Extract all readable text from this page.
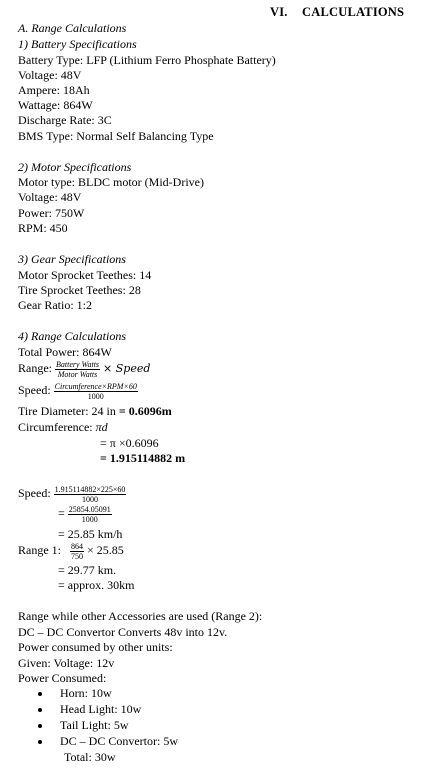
VI. CALCULATIONS
A. Range Calculations
1) Battery Specifications
Battery Type: LFP (Lithium Ferro Phosphate Battery)
Voltage: 48V
Ampere: 18Ah
Wattage: 864W
Discharge Rate: 3C
BMS Type: Normal Self Balancing Type
2) Motor Specifications
Motor type: BLDC motor (Mid-Drive)
Voltage: 48V
Power: 750W
RPM: 450
3) Gear Specifications
Motor Sprocket Teethes: 14
Tire Sprocket Teethes: 28
Gear Ratio: 1:2
4) Range Calculations
Total Power: 864W
Range: $\frac{\text{Battery Watts}}{\text{Motor Watts}}$ × Speed
Speed: $\frac{\text{Circumference×RPM×60}}{1000}$
Tire Diameter: 24 in = 0.6096m
Circumference: πd
= π ×0.6096
= 1.915114882 m
Speed: $\frac{1.915114882\times 225\times 60}{1000}$
= $\frac{25854.05091}{1000}$
= 25.85 km/h
Range 1: $\frac{864}{750} \times 25.85$
= 29.77 km.
= approx. 30km
Range while other Accessories are used (Range 2):
DC – DC Convertor Converts 48v into 12v.
Power consumed by other units:
Given: Voltage: 12v
Power Consumed:
Horn: 10w
Head Light: 10w
Tail Light: 5w
DC – DC Convertor: 5w
Total: 30w
